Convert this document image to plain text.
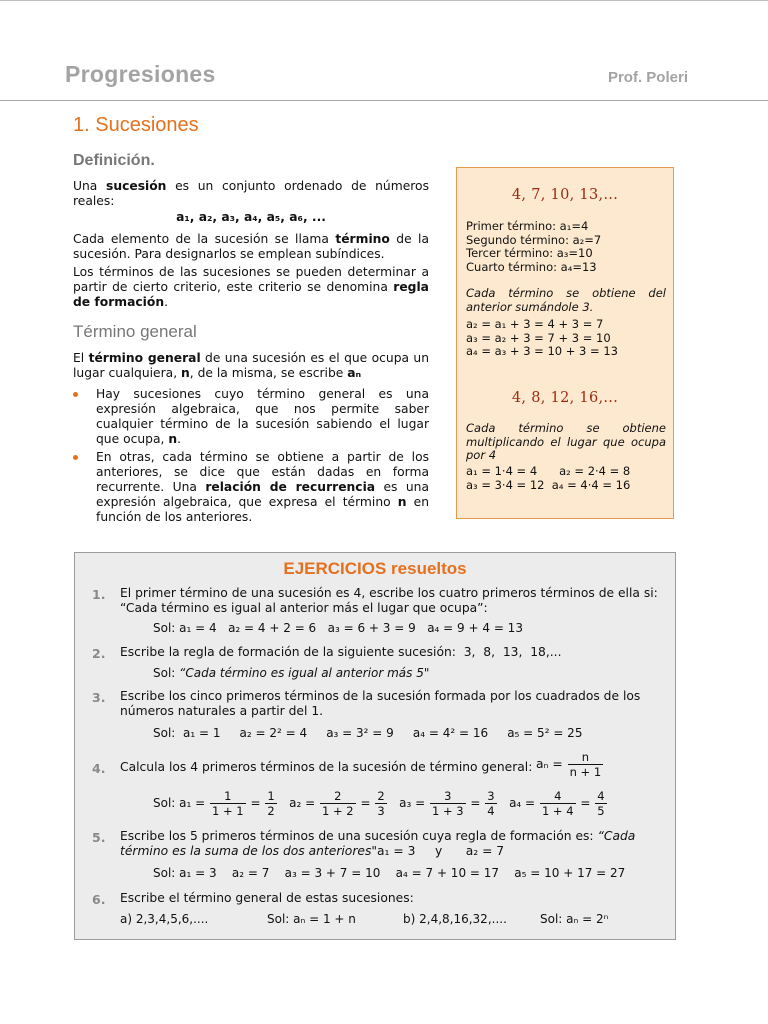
Progresiones	Prof. Poleri
1. Sucesiones
Definición.

Una sucesión es un conjunto ordenado de números reales:

a₁, a₂, a₃, a₄, a₅, a₆, ...

Cada elemento de la sucesión se llama término de la sucesión. Para designarlos se emplean subíndices.

Los términos de las sucesiones se pueden determinar a partir de cierto criterio, este criterio se denomina regla de formación.

Término general

El término general de una sucesión es el que ocupa un lugar cualquiera, n, de la misma, se escribe aₙ

Hay sucesiones cuyo término general es una expresión algebraica, que nos permite saber cualquier término de la sucesión sabiendo el lugar que ocupa, n.
En otras, cada término se obtiene a partir de los anteriores, se dice que están dadas en forma recurrente. Una relación de recurrencia es una expresión algebraica, que expresa el término n en función de los anteriores.
4, 7, 10, 13,...
Primer término: a₁=4
Segundo término: a₂=7
Tercer término: a₃=10
Cuarto término: a₄=13
Cada término se obtiene del anterior sumándole 3.
a₂ = a₁ + 3 = 4 + 3 = 7
a₃ = a₂ + 3 = 7 + 3 = 10
a₄ = a₃ + 3 = 10 + 3 = 13
4, 8, 12, 16,...
Cada término se obtiene multiplicando el lugar que ocupa por 4
a₁ = 1·4 = 4      a₂ = 2·4 = 8
a₃ = 3·4 = 12  a₄ = 4·4 = 16
EJERCICIOS resueltos
1. El primer término de una sucesión es 4, escribe los cuatro primeros términos de ella si: “Cada término es igual al anterior más el lugar que ocupa”:
Sol: a₁ = 4   a₂ = 4 + 2 = 6   a₃ = 6 + 3 = 9   a₄ = 9 + 4 = 13
2. Escribe la regla de formación de la siguiente sucesión:  3,  8,  13,  18,...
Sol: “Cada término es igual al anterior más 5"
3. Escribe los cinco primeros términos de la sucesión formada por los cuadrados de los números naturales a partir del 1.
Sol:  a₁ = 1     a₂ = 2² = 4     a₃ = 3² = 9     a₄ = 4² = 16     a₅ = 5² = 25
4. Calcula los 4 primeros términos de la sucesión de término general: $a_n = \frac{n}{n + 1}$
Sol: $a_1 = \frac{1}{1 + 1} = \frac{1}{2} a_2 = \frac{2}{1 + 2} = \frac{2}{3} a_3 = \frac{3}{1 + 3} = \frac{3}{4} a_4 = \frac{4}{1 + 4} = \frac{4}{5}$
5. Escribe los 5 primeros términos de una sucesión cuya regla de formación es: “Cada término es la suma de los dos anteriores"a₁ = 3     y      a₂ = 7
Sol: a₁ = 3    a₂ = 7    a₃ = 3 + 7 = 10    a₄ = 7 + 10 = 17    a₅ = 10 + 17 = 27
6. Escribe el término general de estas sucesiones:
a) 2,3,4,5,6,....	Sol: aₙ = 1 + n	b) 2,4,8,16,32,....	Sol: aₙ = 2ⁿ
